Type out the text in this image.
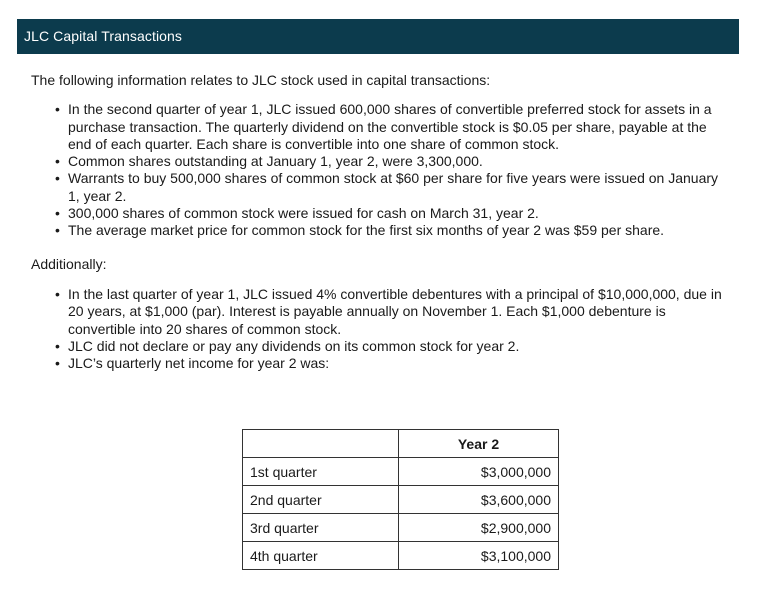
JLC Capital Transactions

The following information relates to JLC stock used in capital transactions:

• In the second quarter of year 1, JLC issued 600,000 shares of convertible preferred stock for assets in a purchase transaction. The quarterly dividend on the convertible stock is $0.05 per share, payable at the end of each quarter. Each share is convertible into one share of common stock.
• Common shares outstanding at January 1, year 2, were 3,300,000.
• Warrants to buy 500,000 shares of common stock at $60 per share for five years were issued on January 1, year 2.
• 300,000 shares of common stock were issued for cash on March 31, year 2.
• The average market price for common stock for the first six months of year 2 was $59 per share.

Additionally:

• In the last quarter of year 1, JLC issued 4% convertible debentures with a principal of $10,000,000, due in 20 years, at $1,000 (par). Interest is payable annually on November 1. Each $1,000 debenture is convertible into 20 shares of common stock.
• JLC did not declare or pay any dividends on its common stock for year 2.
• JLC’s quarterly net income for year 2 was:
	Year 2
1st quarter	$3,000,000
2nd quarter	$3,600,000
3rd quarter	$2,900,000
4th quarter	$3,100,000
